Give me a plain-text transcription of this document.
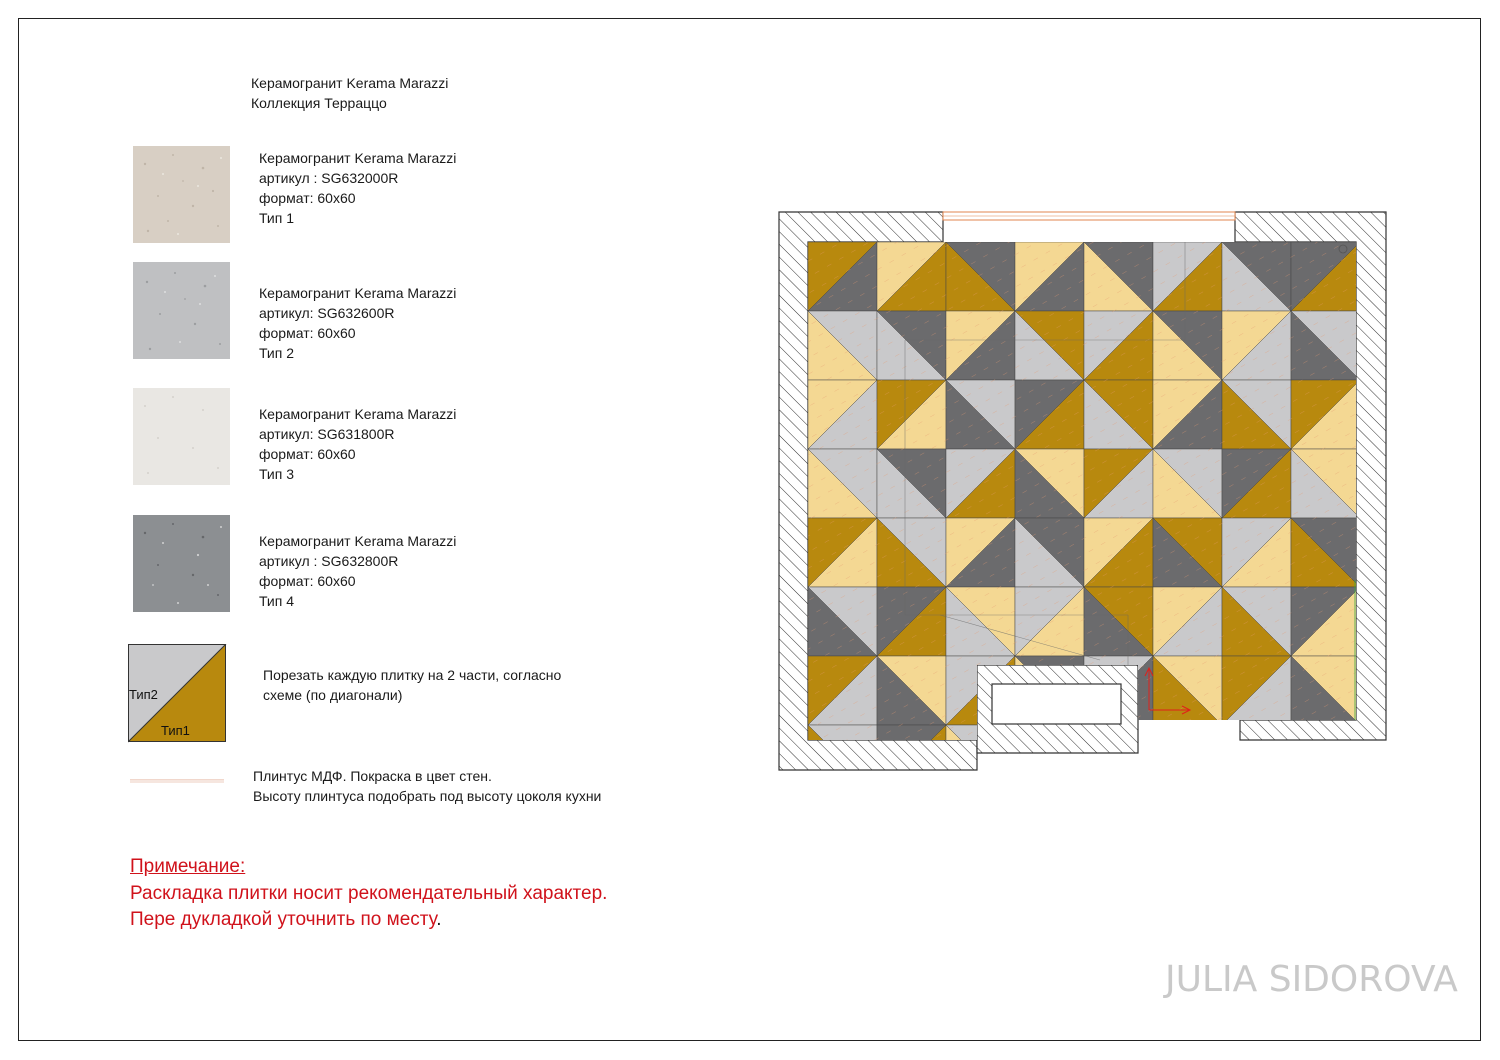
Керамогранит Kerama Marazzi
Коллекция Терраццо
Керамогранит Kerama Marazzi
артикул : SG632000R
формат: 60х60
Тип 1
Керамогранит Kerama Marazzi
артикул: SG632600R
формат: 60х60
Тип 2
Керамогранит Kerama Marazzi
артикул: SG631800R
формат: 60х60
Тип 3
Керамогранит Kerama Marazzi
артикул : SG632800R
формат: 60х60
Тип 4
Тип2
Тип1
Порезать каждую плитку на 2 части, согласно
схеме (по диагонали)
Плинтус МДФ. Покраска в цвет стен.
Высоту плинтуса подобрать под высоту цоколя кухни
Примечание:
Раскладка плитки носит рекомендательный характер.
Пере дукладкой уточнить по месту.
JULIA SIDOROVA
